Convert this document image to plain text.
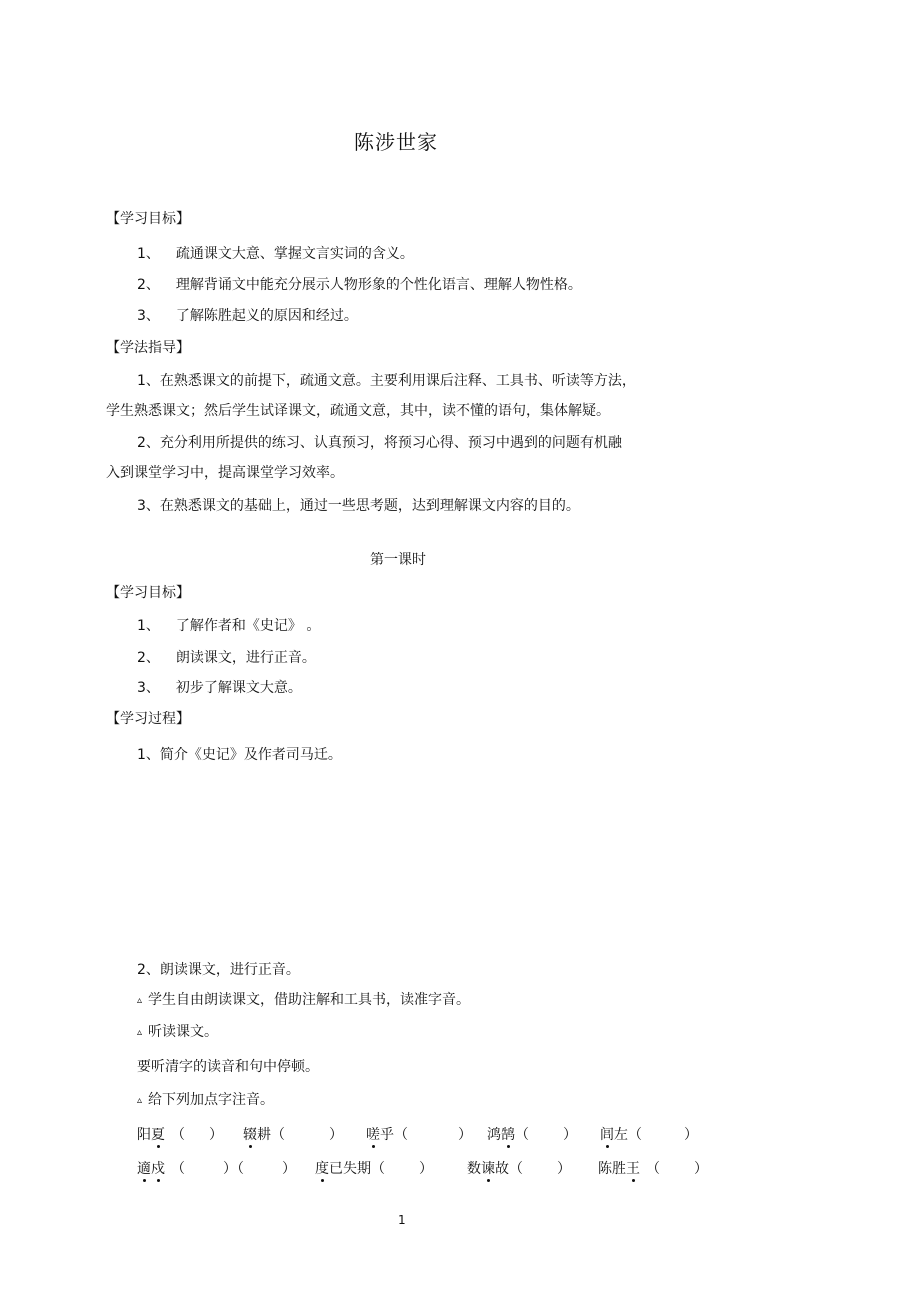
陈涉世家
【学习目标】
1、 疏通课文大意、掌握文言实词的含义。
2、 理解背诵文中能充分展示人物形象的个性化语言、理解人物性格。
3、 了解陈胜起义的原因和经过。
【学法指导】
1、在熟悉课文的前提下，疏通文意。主要利用课后注释、工具书、听读等方法，
学生熟悉课文；然后学生试译课文，疏通文意，其中，读不懂的语句，集体解疑。
2、充分利用所提供的练习、认真预习，将预习心得、预习中遇到的问题有机融
入到课堂学习中，提高课堂学习效率。
3、在熟悉课文的基础上，通过一些思考题，达到理解课文内容的目的。
第一课时
【学习目标】
1、 了解作者和《史记》 。
2、 朗读课文，进行正音。
3、 初步了解课文大意。
【学习过程】
1、简介《史记》及作者司马迁。
2、朗读课文，进行正音。
▵ 学生自由朗读课文，借助注解和工具书，读准字音。
▵ 听读课文。
要听清字的读音和句中停顿。
▵ 给下列加点字注音。
阳夏 （ ） 辍耕（	） 嗟乎（	） 鸿鹄（ ） 闾左（	）
適戍 （	）（	） 度已失期（ ） 数谏故（ ） 陈胜王 （ ）
1
